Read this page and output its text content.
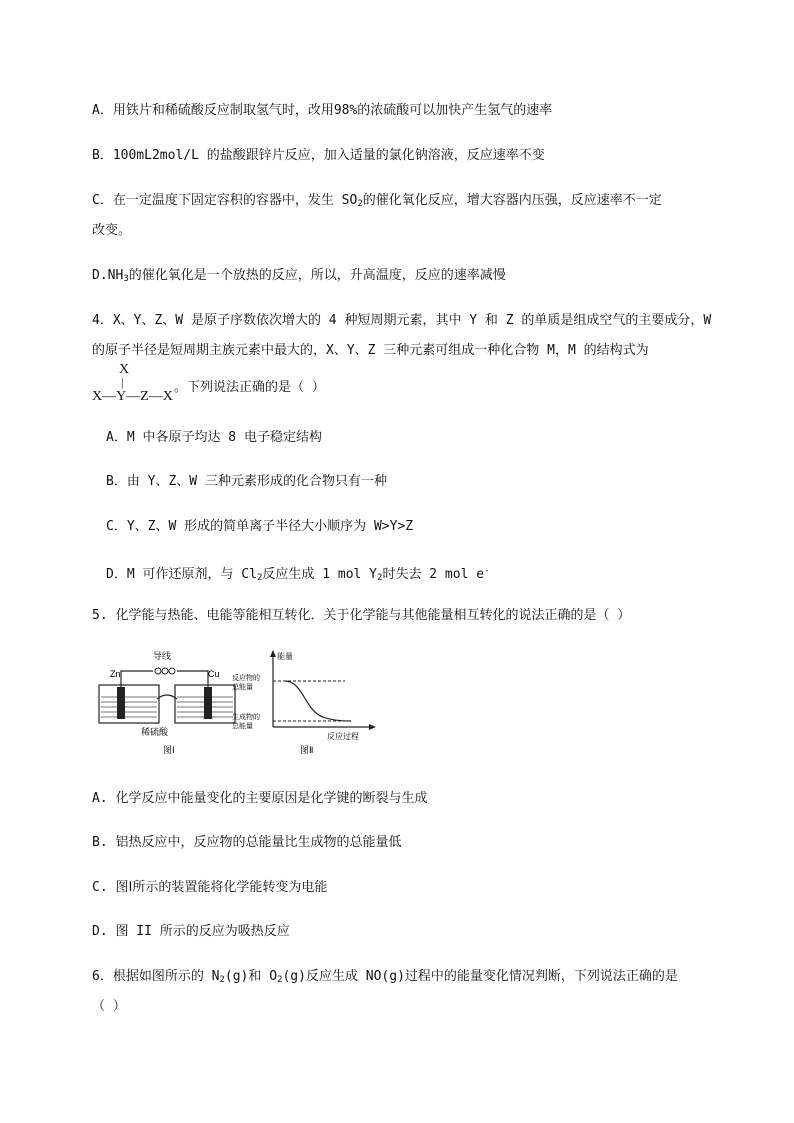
A．用铁片和稀硫酸反应制取氢气时，改用98%的浓硫酸可以加快产生氢气的速率
B．100mL2mol/L 的盐酸跟锌片反应，加入适量的氯化钠溶液，反应速率不变
C．在一定温度下固定容积的容器中，发生 $SO_2$的催化氧化反应，增大容器内压强，反应速率不一定
改变。
$D.NH_3$的催化氧化是一个放热的反应，所以，升高温度，反应的速率减慢
4．X、Y、Z、W 是原子序数依次增大的 4 种短周期元素，其中 Y 和 Z 的单质是组成空气的主要成分，W
的原子半径是短周期主族元素中最大的，X、Y、Z 三种元素可组成一种化合物 M，M 的结构式为
X
|
X—Y—Z—X
。下列说法正确的是（ ）
A．M 中各原子均达 8 电子稳定结构
B．由 Y、Z、W 三种元素形成的化合物只有一种
C．Y、Z、W 形成的简单离子半径大小顺序为 W>Y>Z
D．M 可作还原剂，与 $Cl_2$反应生成 1 mol $Y_2$时失去 2 mol e-
5. 化学能与热能、电能等能相互转化．关于化学能与其他能量相互转化的说法正确的是（ ）
导线
Zn	Cu
稀硫酸
图Ⅰ
能量
反应物的
总能量
生成物的
总能量
反应过程
图Ⅱ
A. 化学反应中能量变化的主要原因是化学键的断裂与生成
B. 铝热反应中，反应物的总能量比生成物的总能量低
C. 图Ⅰ所示的装置能将化学能转变为电能
D. 图 II 所示的反应为吸热反应
6．根据如图所示的 $N_2(g)$和 $O_2(g)$反应生成 NO(g)过程中的能量变化情况判断，下列说法正确的是
（ ）
